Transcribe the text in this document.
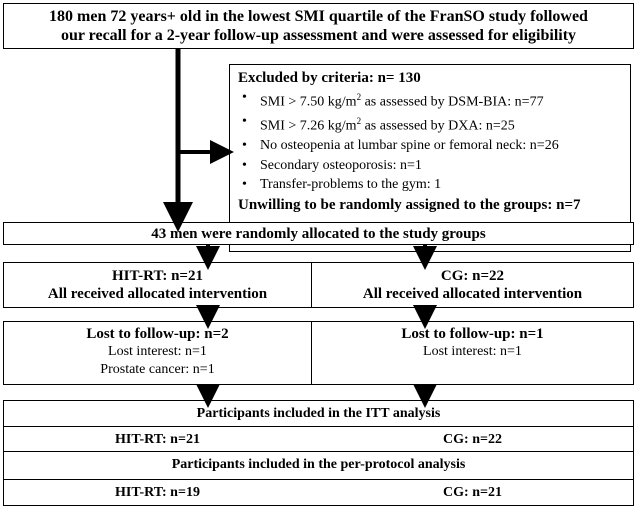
180 men 72 years+ old in the lowest SMI quartile of the FranSO study followed
our recall for a 2-year follow-up assessment and were assessed for eligibility
Excluded by criteria: n= 130
• SMI > 7.50 $kg/m^2$ as assessed by DSM-BIA: n=77
• SMI > 7.26 $kg/m^2$ as assessed by DXA: n=25
• No osteopenia at lumbar spine or femoral neck: n=26
• Secondary osteoporosis: n=1
• Transfer-problems to the gym: 1
Unwilling to be randomly assigned to the groups: n=7
43 men were randomly allocated to the study groups
HIT-RT: n=21
All received allocated intervention
CG: n=22
All received allocated intervention
Lost to follow-up: n=2
Lost interest: n=1
Prostate cancer: n=1
Lost to follow-up: n=1
Lost interest: n=1
Participants included in the ITT analysis
HIT-RT: n=21	CG: n=22
Participants included in the per-protocol analysis
HIT-RT: n=19	CG: n=21
